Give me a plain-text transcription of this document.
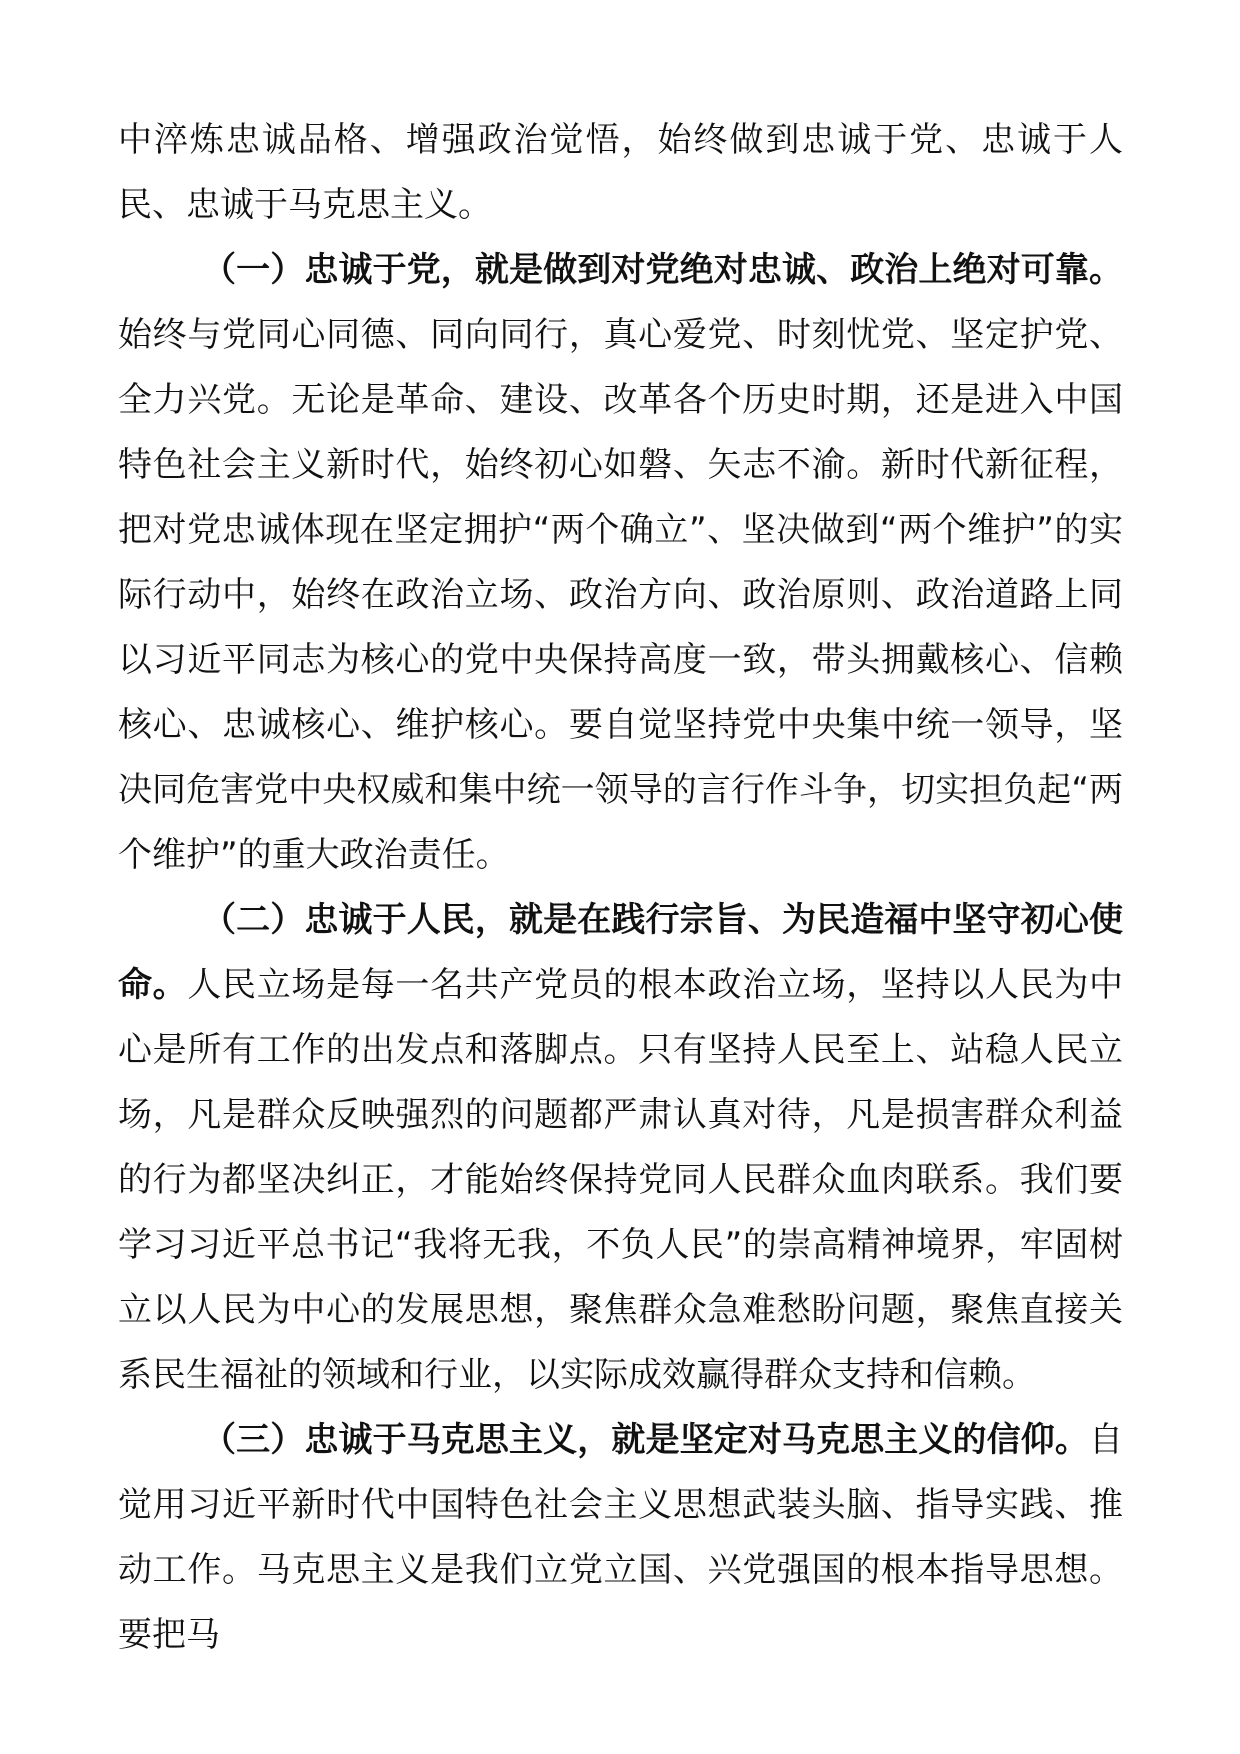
中淬炼忠诚品格、增强政治觉悟，始终做到忠诚于党、忠诚于人民、忠诚于马克思主义。

（一）忠诚于党，就是做到对党绝对忠诚、政治上绝对可靠。始终与党同心同德、同向同行，真心爱党、时刻忧党、坚定护党、全力兴党。无论是革命、建设、改革各个历史时期，还是进入中国特色社会主义新时代，始终初心如磐、矢志不渝。新时代新征程，把对党忠诚体现在坚定拥护“两个确立”、坚决做到“两个维护”的实际行动中，始终在政治立场、政治方向、政治原则、政治道路上同以习近平同志为核心的党中央保持高度一致，带头拥戴核心、信赖核心、忠诚核心、维护核心。要自觉坚持党中央集中统一领导，坚决同危害党中央权威和集中统一领导的言行作斗争，切实担负起“两个维护”的重大政治责任。

（二）忠诚于人民，就是在践行宗旨、为民造福中坚守初心使命。人民立场是每一名共产党员的根本政治立场，坚持以人民为中心是所有工作的出发点和落脚点。只有坚持人民至上、站稳人民立场，凡是群众反映强烈的问题都严肃认真对待，凡是损害群众利益的行为都坚决纠正，才能始终保持党同人民群众血肉联系。我们要学习习近平总书记“我将无我，不负人民”的崇高精神境界，牢固树立以人民为中心的发展思想，聚焦群众急难愁盼问题，聚焦直接关系民生福祉的领域和行业，以实际成效赢得群众支持和信赖。

（三）忠诚于马克思主义，就是坚定对马克思主义的信仰。自觉用习近平新时代中国特色社会主义思想武装头脑、指导实践、推动工作。马克思主义是我们立党立国、兴党强国的根本指导思想。要把马
